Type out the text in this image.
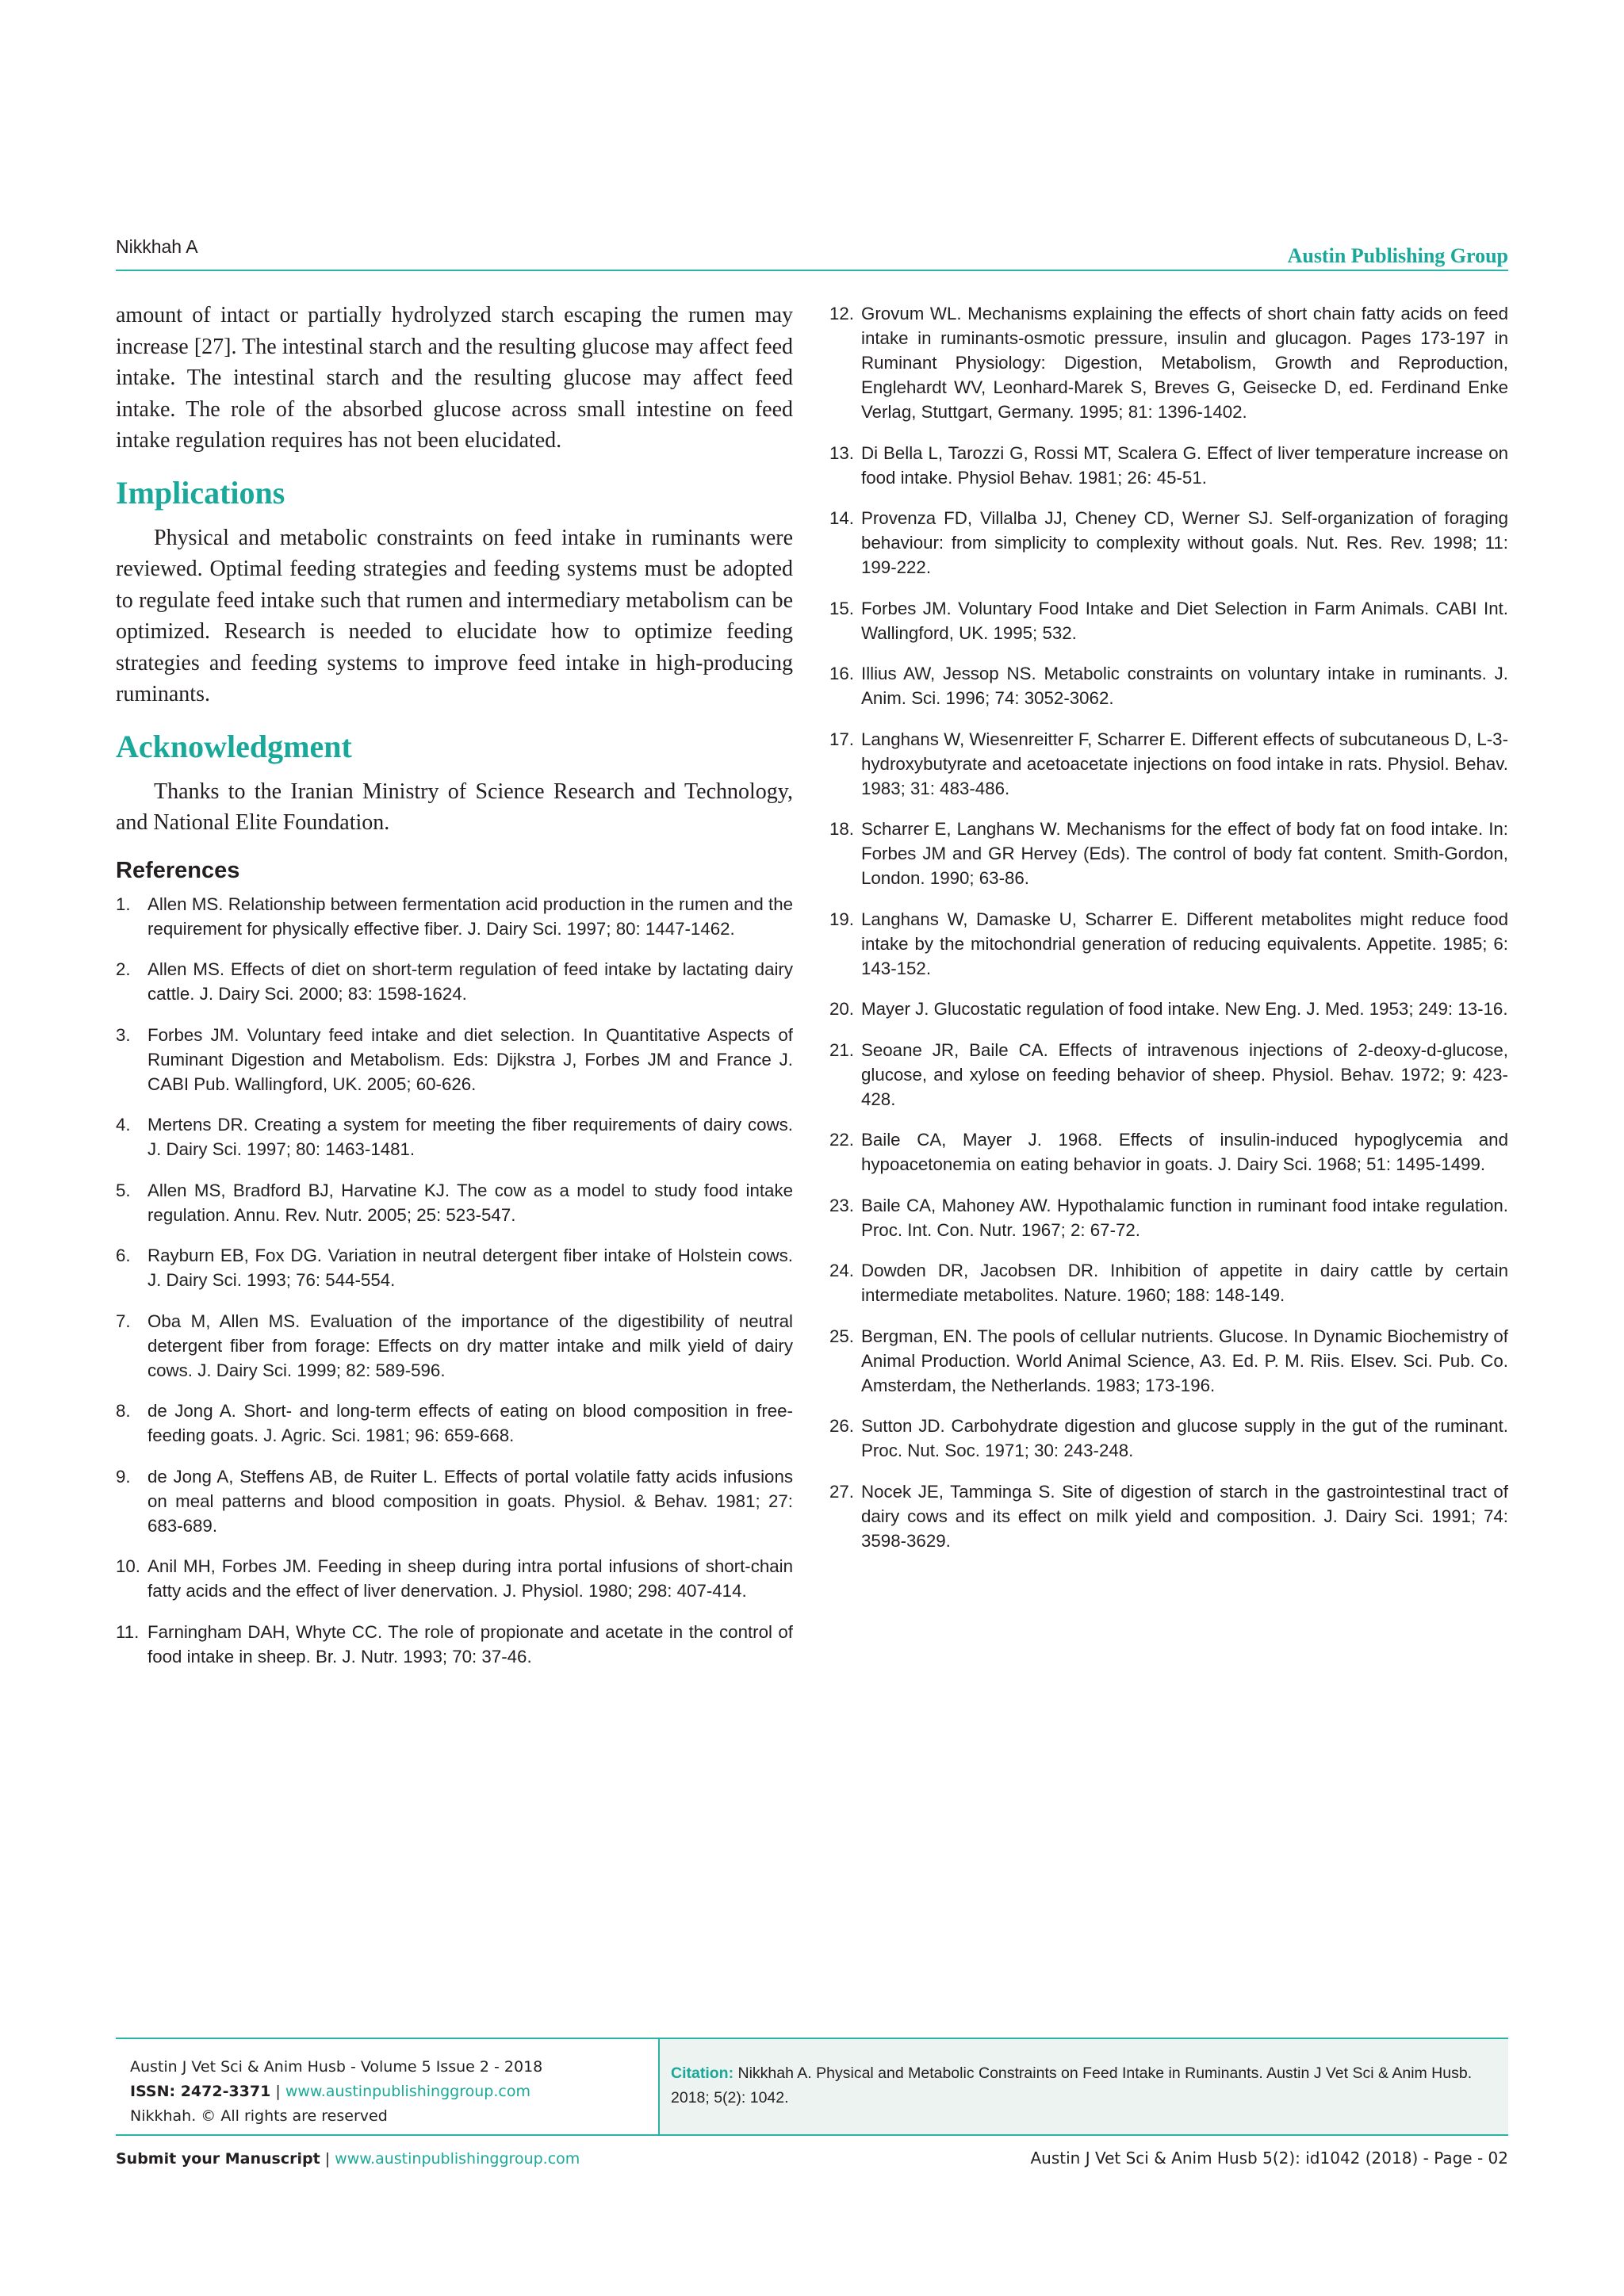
Nikkhah A	Austin Publishing Group

amount of intact or partially hydrolyzed starch escaping the rumen may increase [27]. The intestinal starch and the resulting glucose may affect feed intake. The intestinal starch and the resulting glucose may affect feed intake. The role of the absorbed glucose across small intestine on feed intake regulation requires has not been elucidated.

Implications

Physical and metabolic constraints on feed intake in ruminants were reviewed. Optimal feeding strategies and feeding systems must be adopted to regulate feed intake such that rumen and intermediary metabolism can be optimized. Research is needed to elucidate how to optimize feeding strategies and feeding systems to improve feed intake in high-producing ruminants.

Acknowledgment

Thanks to the Iranian Ministry of Science Research and Technology, and National Elite Foundation.

References
1. Allen MS. Relationship between fermentation acid production in the rumen and the requirement for physically effective fiber. J. Dairy Sci. 1997; 80: 1447-1462.
2. Allen MS. Effects of diet on short-term regulation of feed intake by lactating dairy cattle. J. Dairy Sci. 2000; 83: 1598-1624.
3. Forbes JM. Voluntary feed intake and diet selection. In Quantitative Aspects of Ruminant Digestion and Metabolism. Eds: Dijkstra J, Forbes JM and France J. CABI Pub. Wallingford, UK. 2005; 60-626.
4. Mertens DR. Creating a system for meeting the fiber requirements of dairy cows. J. Dairy Sci. 1997; 80: 1463-1481.
5. Allen MS, Bradford BJ, Harvatine KJ. The cow as a model to study food intake regulation. Annu. Rev. Nutr. 2005; 25: 523-547.
6. Rayburn EB, Fox DG. Variation in neutral detergent fiber intake of Holstein cows. J. Dairy Sci. 1993; 76: 544-554.
7. Oba M, Allen MS. Evaluation of the importance of the digestibility of neutral detergent fiber from forage: Effects on dry matter intake and milk yield of dairy cows. J. Dairy Sci. 1999; 82: 589-596.
8. de Jong A. Short- and long-term effects of eating on blood composition in free-feeding goats. J. Agric. Sci. 1981; 96: 659-668.
9. de Jong A, Steffens AB, de Ruiter L. Effects of portal volatile fatty acids infusions on meal patterns and blood composition in goats. Physiol. & Behav. 1981; 27: 683-689.
10. Anil MH, Forbes JM. Feeding in sheep during intra portal infusions of short-chain fatty acids and the effect of liver denervation. J. Physiol. 1980; 298: 407-414.
11. Farningham DAH, Whyte CC. The role of propionate and acetate in the control of food intake in sheep. Br. J. Nutr. 1993; 70: 37-46.
12. Grovum WL. Mechanisms explaining the effects of short chain fatty acids on feed intake in ruminants-osmotic pressure, insulin and glucagon. Pages 173-197 in Ruminant Physiology: Digestion, Metabolism, Growth and Reproduction, Englehardt WV, Leonhard-Marek S, Breves G, Geisecke D, ed. Ferdinand Enke Verlag, Stuttgart, Germany. 1995; 81: 1396-1402.
13. Di Bella L, Tarozzi G, Rossi MT, Scalera G. Effect of liver temperature increase on food intake. Physiol Behav. 1981; 26: 45-51.
14. Provenza FD, Villalba JJ, Cheney CD, Werner SJ. Self-organization of foraging behaviour: from simplicity to complexity without goals. Nut. Res. Rev. 1998; 11: 199-222.
15. Forbes JM. Voluntary Food Intake and Diet Selection in Farm Animals. CABI Int. Wallingford, UK. 1995; 532.
16. Illius AW, Jessop NS. Metabolic constraints on voluntary intake in ruminants. J. Anim. Sci. 1996; 74: 3052-3062.
17. Langhans W, Wiesenreitter F, Scharrer E. Different effects of subcutaneous D, L-3-hydroxybutyrate and acetoacetate injections on food intake in rats. Physiol. Behav. 1983; 31: 483-486.
18. Scharrer E, Langhans W. Mechanisms for the effect of body fat on food intake. In: Forbes JM and GR Hervey (Eds). The control of body fat content. Smith-Gordon, London. 1990; 63-86.
19. Langhans W, Damaske U, Scharrer E. Different metabolites might reduce food intake by the mitochondrial generation of reducing equivalents. Appetite. 1985; 6: 143-152.
20. Mayer J. Glucostatic regulation of food intake. New Eng. J. Med. 1953; 249: 13-16.
21. Seoane JR, Baile CA. Effects of intravenous injections of 2-deoxy-d-glucose, glucose, and xylose on feeding behavior of sheep. Physiol. Behav. 1972; 9: 423-428.
22. Baile CA, Mayer J. 1968. Effects of insulin-induced hypoglycemia and hypoacetonemia on eating behavior in goats. J. Dairy Sci. 1968; 51: 1495-1499.
23. Baile CA, Mahoney AW. Hypothalamic function in ruminant food intake regulation. Proc. Int. Con. Nutr. 1967; 2: 67-72.
24. Dowden DR, Jacobsen DR. Inhibition of appetite in dairy cattle by certain intermediate metabolites. Nature. 1960; 188: 148-149.
25. Bergman, EN. The pools of cellular nutrients. Glucose. In Dynamic Biochemistry of Animal Production. World Animal Science, A3. Ed. P. M. Riis. Elsev. Sci. Pub. Co. Amsterdam, the Netherlands. 1983; 173-196.
26. Sutton JD. Carbohydrate digestion and glucose supply in the gut of the ruminant. Proc. Nut. Soc. 1971; 30: 243-248.
27. Nocek JE, Tamminga S. Site of digestion of starch in the gastrointestinal tract of dairy cows and its effect on milk yield and composition. J. Dairy Sci. 1991; 74: 3598-3629.
Austin J Vet Sci & Anim Husb - Volume 5 Issue 2 - 2018
ISSN: 2472-3371 | www.austinpublishinggroup.com
Nikkhah. © All rights are reserved
Citation: Nikkhah A. Physical and Metabolic Constraints on Feed Intake in Ruminants. Austin J Vet Sci & Anim Husb. 2018; 5(2): 1042.
Submit your Manuscript | www.austinpublishinggroup.com	Austin J Vet Sci & Anim Husb 5(2): id1042 (2018) - Page - 02
